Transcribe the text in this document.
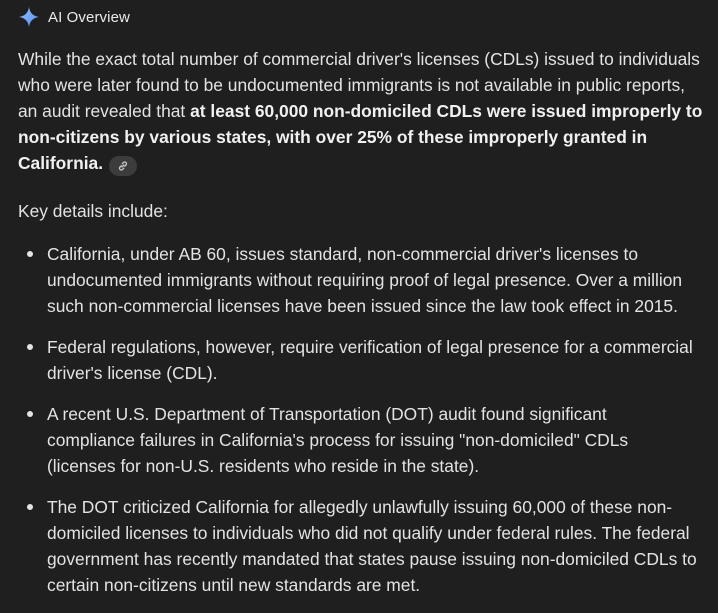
AI Overview

While the exact total number of commercial driver's licenses (CDLs) issued to individuals who were later found to be undocumented immigrants is not available in public reports, an audit revealed that at least 60,000 non-domiciled CDLs were issued improperly to non-citizens by various states, with over 25% of these improperly granted in California.

Key details include:
California, under AB 60, issues standard, non-commercial driver's licenses to undocumented immigrants without requiring proof of legal presence. Over a million such non-commercial licenses have been issued since the law took effect in 2015.
Federal regulations, however, require verification of legal presence for a commercial driver's license (CDL).
A recent U.S. Department of Transportation (DOT) audit found significant compliance failures in California's process for issuing "non-domiciled" CDLs (licenses for non-U.S. residents who reside in the state).
The DOT criticized California for allegedly unlawfully issuing 60,000 of these non-domiciled licenses to individuals who did not qualify under federal rules. The federal government has recently mandated that states pause issuing non-domiciled CDLs to certain non-citizens until new standards are met.
